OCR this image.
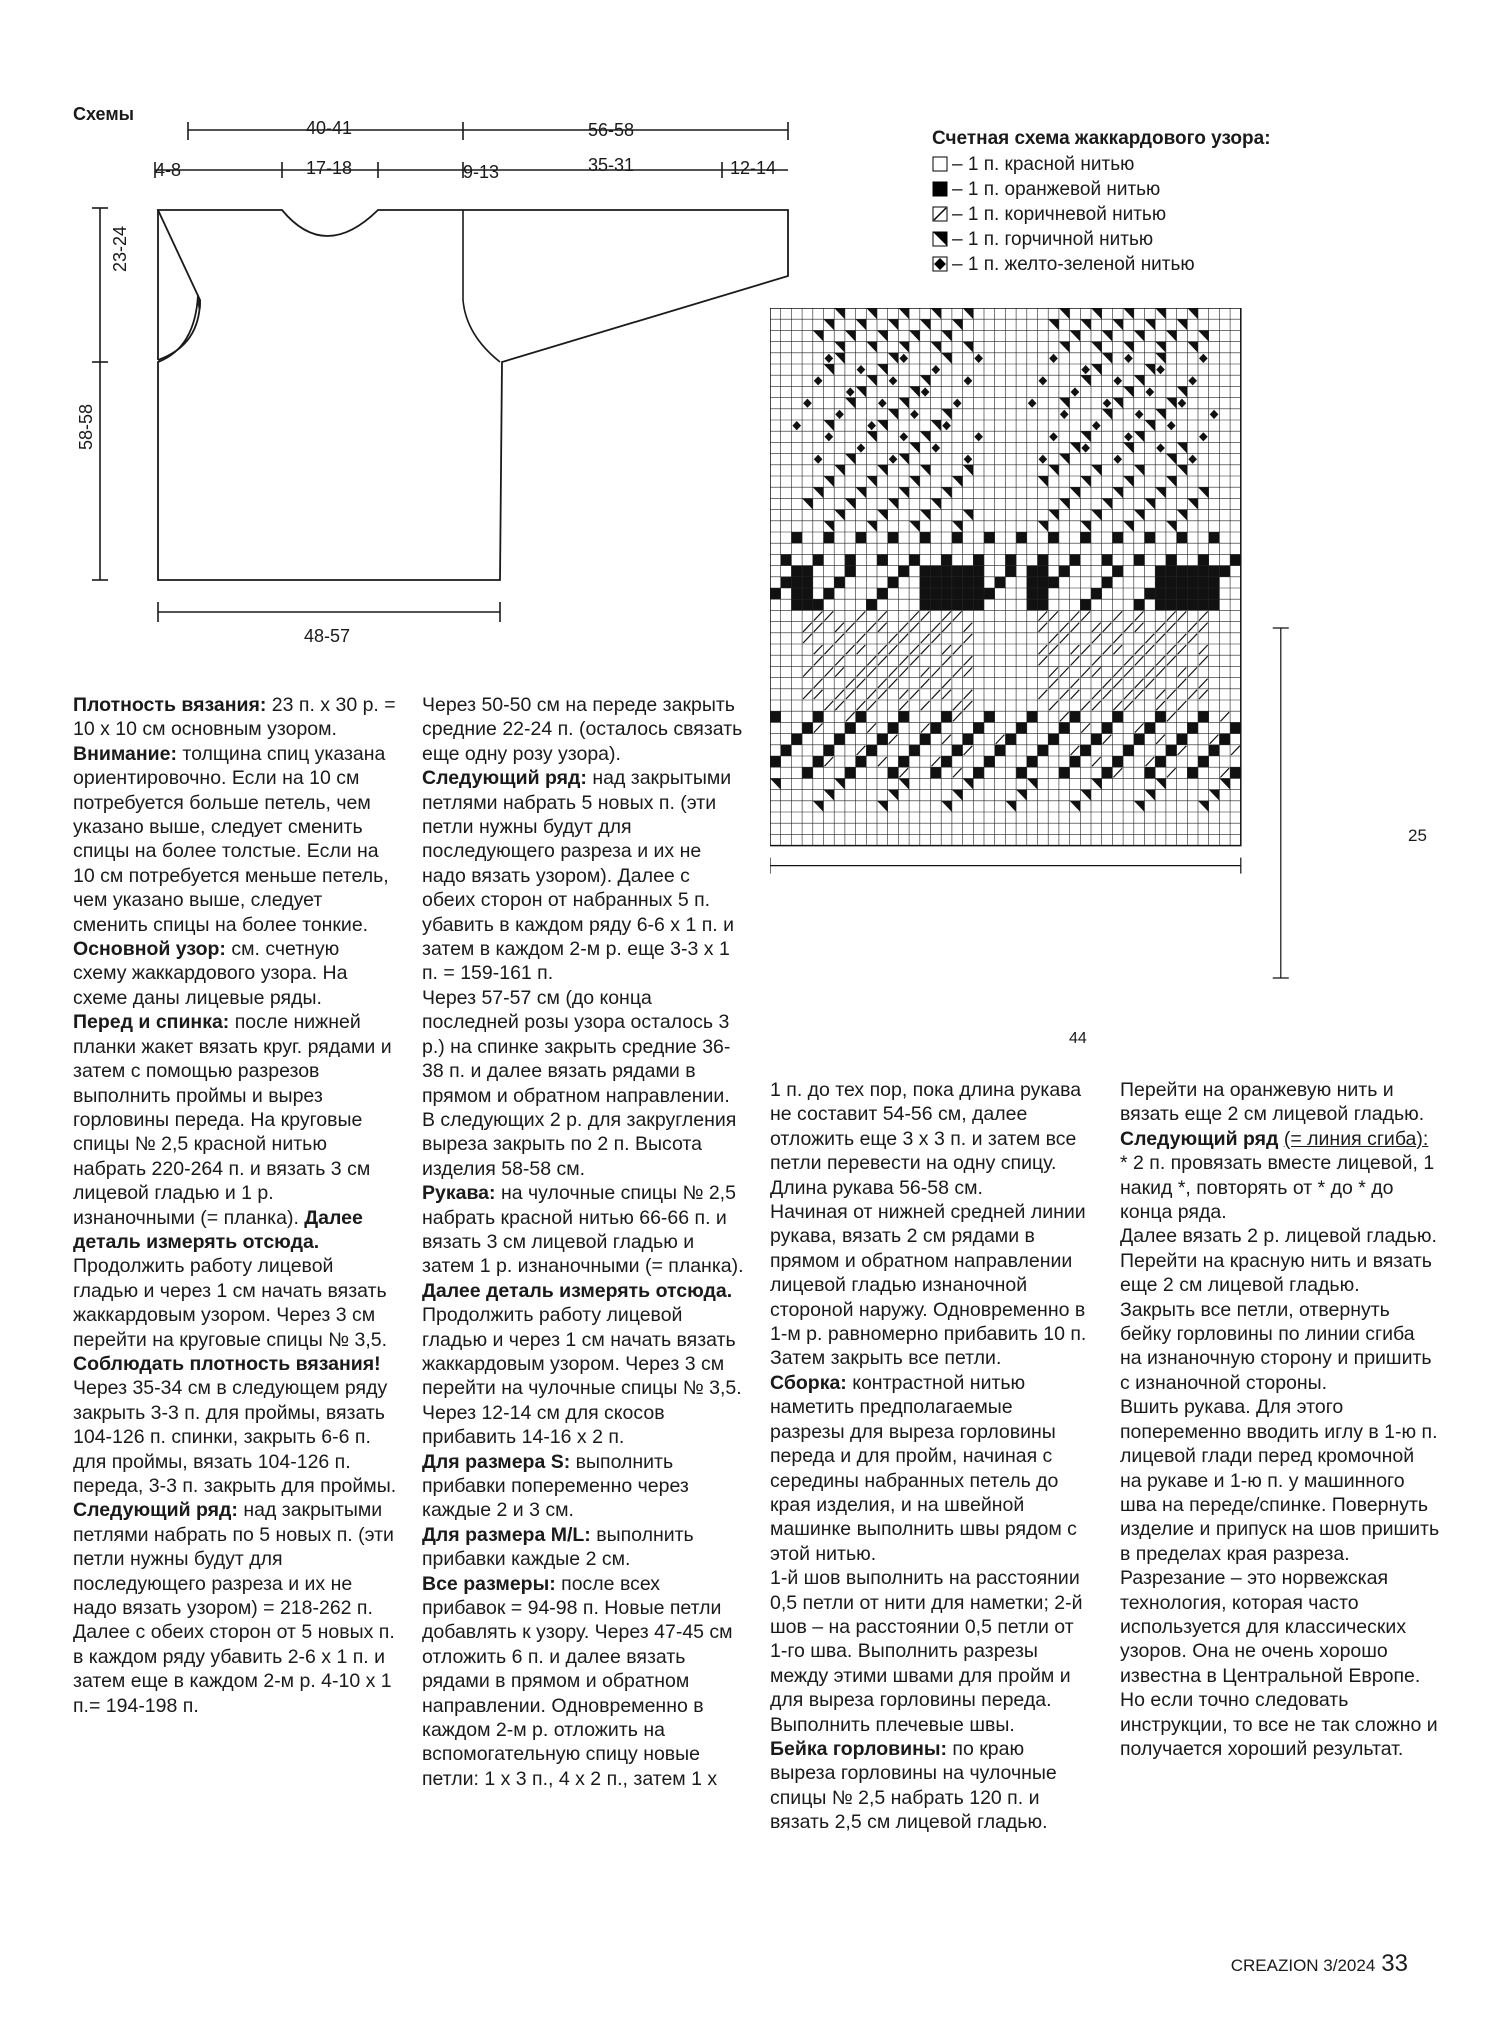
Схемы
40-41	56-58
4-8	17-18	9-13	35-31	12-14
23-24
58-58
48-57
Счетная схема жаккардового узора:
– 1 п. красной нитью
– 1 п. оранжевой нитью
– 1 п. коричневой нитью
– 1 п. горчичной нитью
– 1 п. желто-зеленой нитью
44
25

Плотность вязания: 23 п. х 30 р. = 10 х 10 см основным узором.

Внимание: толщина спиц указана ориентировочно. Если на 10 см потребуется больше петель, чем указано выше, следует сменить спицы на более толстые. Если на 10 см потребуется меньше петель, чем указано выше, следует сменить спицы на более тонкие.

Основной узор: см. счетную схему жаккардового узора. На схеме даны лицевые ряды.

Перед и спинка: после нижней планки жакет вязать круг. рядами и затем с помощью разрезов выполнить проймы и вырез горловины переда. На круговые спицы № 2,5 красной нитью набрать 220-264 п. и вязать 3 см лицевой гладью и 1 р. изнаночными (= планка). Далее деталь измерять отсюда.

Продолжить работу лицевой гладью и через 1 см начать вязать жаккардовым узором. Через 3 см перейти на круговые спицы № 3,5. Соблюдать плотность вязания!

Через 35-34 см в следующем ряду закрыть 3-3 п. для проймы, вязать 104-126 п. спинки, закрыть 6-6 п. для проймы, вязать 104-126 п. переда, 3-3 п. закрыть для проймы.

Следующий ряд: над закрытыми петлями набрать по 5 новых п. (эти петли нужны будут для последующего разреза и их не надо вязать узором) = 218-262 п.

Далее с обеих сторон от 5 новых п. в каждом ряду убавить 2-6 х 1 п. и затем еще в каждом 2-м р. 4-10 х 1 п.= 194-198 п.

Через 50-50 см на переде закрыть средние 22-24 п. (осталось связать еще одну розу узора).

Следующий ряд: над закрытыми петлями набрать 5 новых п. (эти петли нужны будут для последующего разреза и их не надо вязать узором). Далее с обеих сторон от набранных 5 п. убавить в каждом ряду 6-6 х 1 п. и затем в каждом 2-м р. еще 3-3 х 1 п. = 159-161 п.

Через 57-57 см (до конца последней розы узора осталось 3 р.) на спинке закрыть средние 36-38 п. и далее вязать рядами в прямом и обратном направлении.

В следующих 2 р. для закругления выреза закрыть по 2 п. Высота изделия 58-58 см.

Рукава: на чулочные спицы № 2,5 набрать красной нитью 66-66 п. и вязать 3 см лицевой гладью и затем 1 р. изнаночными (= планка). Далее деталь измерять отсюда.

Продолжить работу лицевой гладью и через 1 см начать вязать жаккардовым узором. Через 3 см перейти на чулочные спицы № 3,5.

Через 12-14 см для скосов прибавить 14-16 х 2 п.

Для размера S: выполнить прибавки попеременно через каждые 2 и 3 см.

Для размера M/L: выполнить прибавки каждые 2 см.

Все размеры: после всех прибавок = 94-98 п. Новые петли добавлять к узору. Через 47-45 см отложить 6 п. и далее вязать рядами в прямом и обратном направлении. Одновременно в каждом 2-м р. отложить на вспомогательную спицу новые петли: 1 х 3 п., 4 х 2 п., затем 1 х

1 п. до тех пор, пока длина рукава не составит 54-56 см, далее отложить еще 3 х 3 п. и затем все петли перевести на одну спицу. Длина рукава 56-58 см.

Начиная от нижней средней линии рукава, вязать 2 см рядами в прямом и обратном направлении лицевой гладью изнаночной стороной наружу. Одновременно в 1-м р. равномерно прибавить 10 п.

Затем закрыть все петли.

Сборка: контрастной нитью наметить предполагаемые разрезы для выреза горловины переда и для пройм, начиная с середины набранных петель до края изделия, и на швейной машинке выполнить швы рядом с этой нитью.

1-й шов выполнить на расстоянии 0,5 петли от нити для наметки; 2-й шов – на расстоянии 0,5 петли от 1-го шва. Выполнить разрезы между этими швами для пройм и для выреза горловины переда. Выполнить плечевые швы.

Бейка горловины: по краю выреза горловины на чулочные спицы № 2,5 набрать 120 п. и вязать 2,5 см лицевой гладью.

Перейти на оранжевую нить и вязать еще 2 см лицевой гладью.

Следующий ряд (= линия сгиба): * 2 п. провязать вместе лицевой, 1 накид *, повторять от * до * до конца ряда.

Далее вязать 2 р. лицевой гладью.

Перейти на красную нить и вязать еще 2 см лицевой гладью.

Закрыть все петли, отвернуть бейку горловины по линии сгиба на изнаночную сторону и пришить с изнаночной стороны.

Вшить рукава. Для этого попеременно вводить иглу в 1-ю п. лицевой глади перед кромочной на рукаве и 1-ю п. у машинного шва на переде/спинке. Повернуть изделие и припуск на шов пришить в пределах края разреза.

Разрезание – это норвежская технология, которая часто используется для классических узоров. Она не очень хорошо известна в Центральной Европе. Но если точно следовать инструкции, то все не так сложно и получается хороший результат.

CREAZION 3/2024 33
